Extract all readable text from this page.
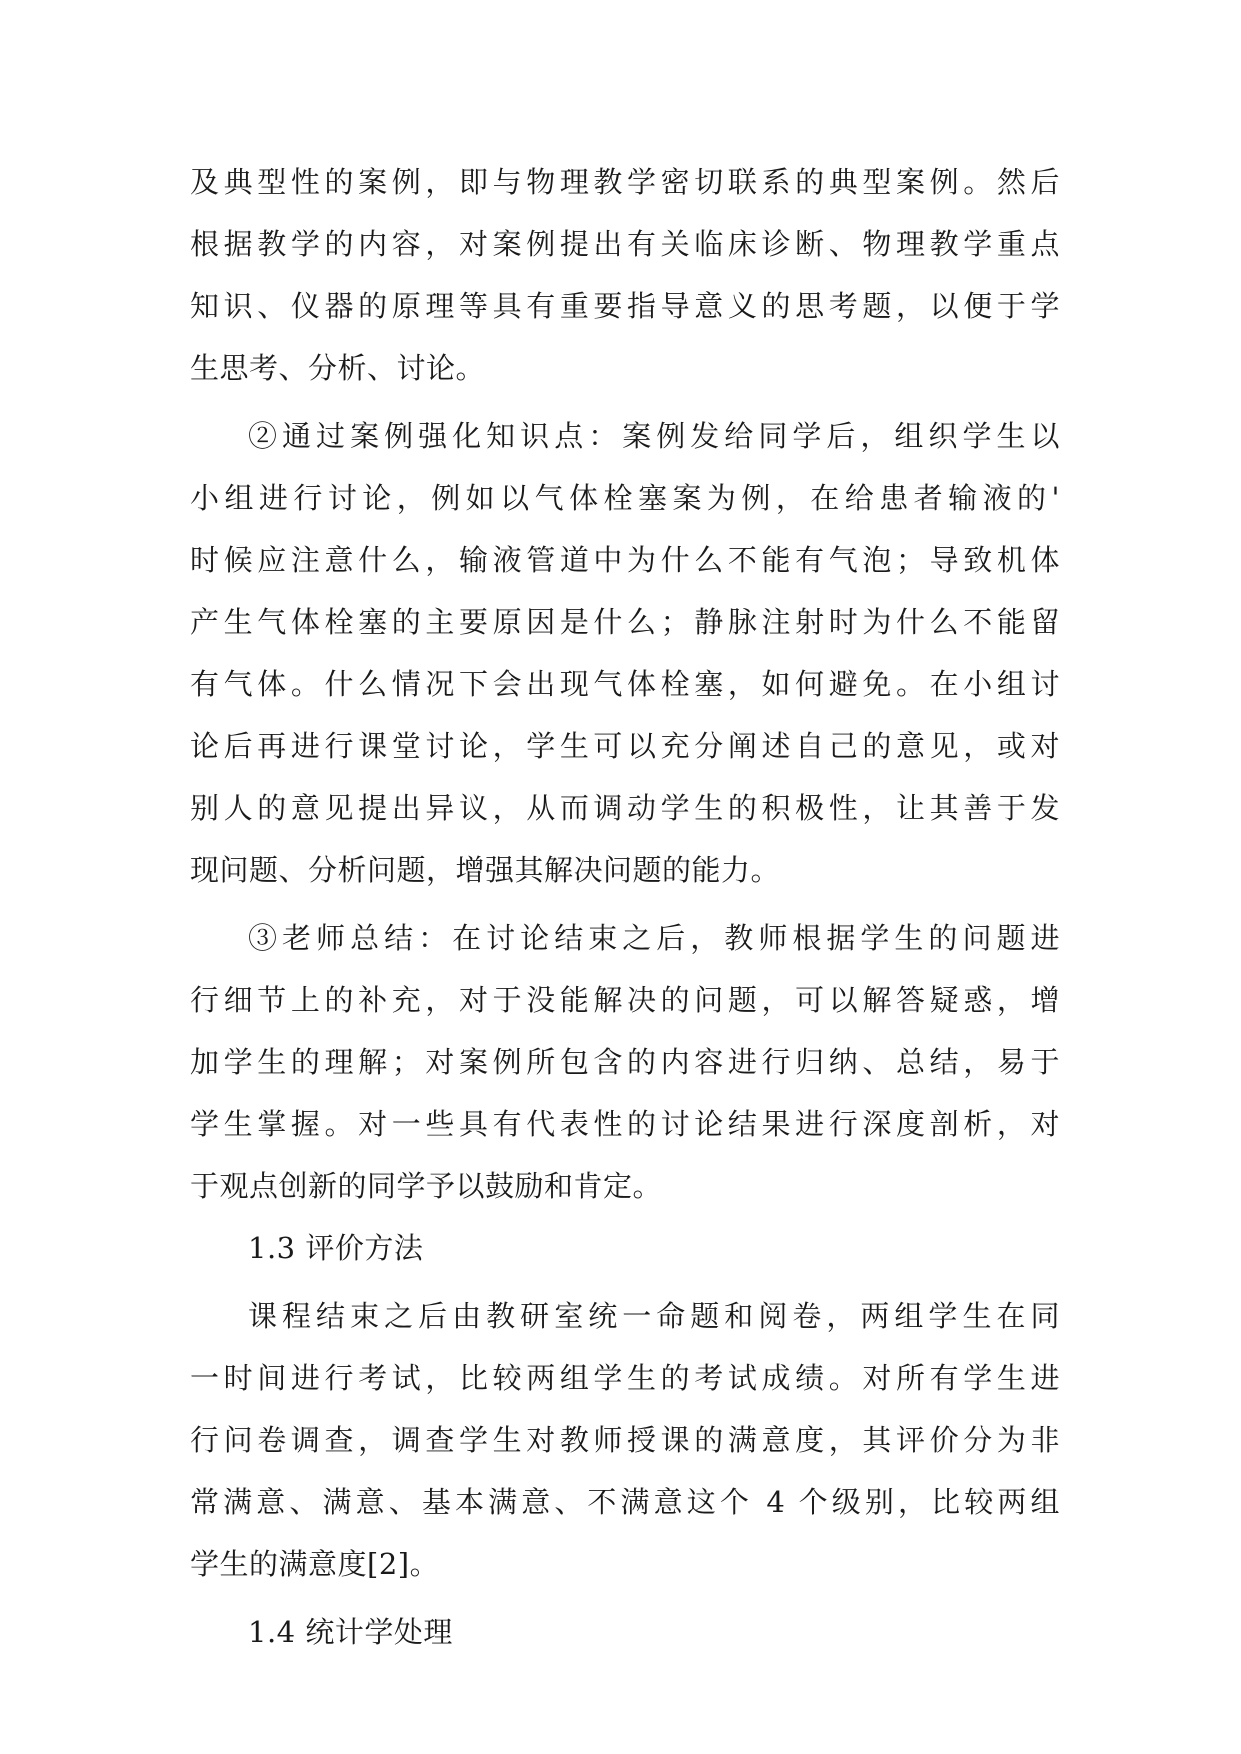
及典型性的案例，即与物理教学密切联系的典型案例。然后
根据教学的内容，对案例提出有关临床诊断、物理教学重点
知识、仪器的原理等具有重要指导意义的思考题，以便于学
生思考、分析、讨论。
②通过案例强化知识点：案例发给同学后，组织学生以
小组进行讨论，例如以气体栓塞案为例，在给患者输液的'
时候应注意什么，输液管道中为什么不能有气泡；导致机体
产生气体栓塞的主要原因是什么；静脉注射时为什么不能留
有气体。什么情况下会出现气体栓塞，如何避免。在小组讨
论后再进行课堂讨论，学生可以充分阐述自己的意见，或对
别人的意见提出异议，从而调动学生的积极性，让其善于发
现问题、分析问题，增强其解决问题的能力。
③老师总结：在讨论结束之后，教师根据学生的问题进
行细节上的补充，对于没能解决的问题，可以解答疑惑，增
加学生的理解；对案例所包含的内容进行归纳、总结，易于
学生掌握。对一些具有代表性的讨论结果进行深度剖析，对
于观点创新的同学予以鼓励和肯定。
1.3 评价方法
课程结束之后由教研室统一命题和阅卷，两组学生在同
一时间进行考试，比较两组学生的考试成绩。对所有学生进
行问卷调查，调查学生对教师授课的满意度，其评价分为非
常满意、满意、基本满意、不满意这个 4 个级别，比较两组
学生的满意度[2]。
1.4 统计学处理
